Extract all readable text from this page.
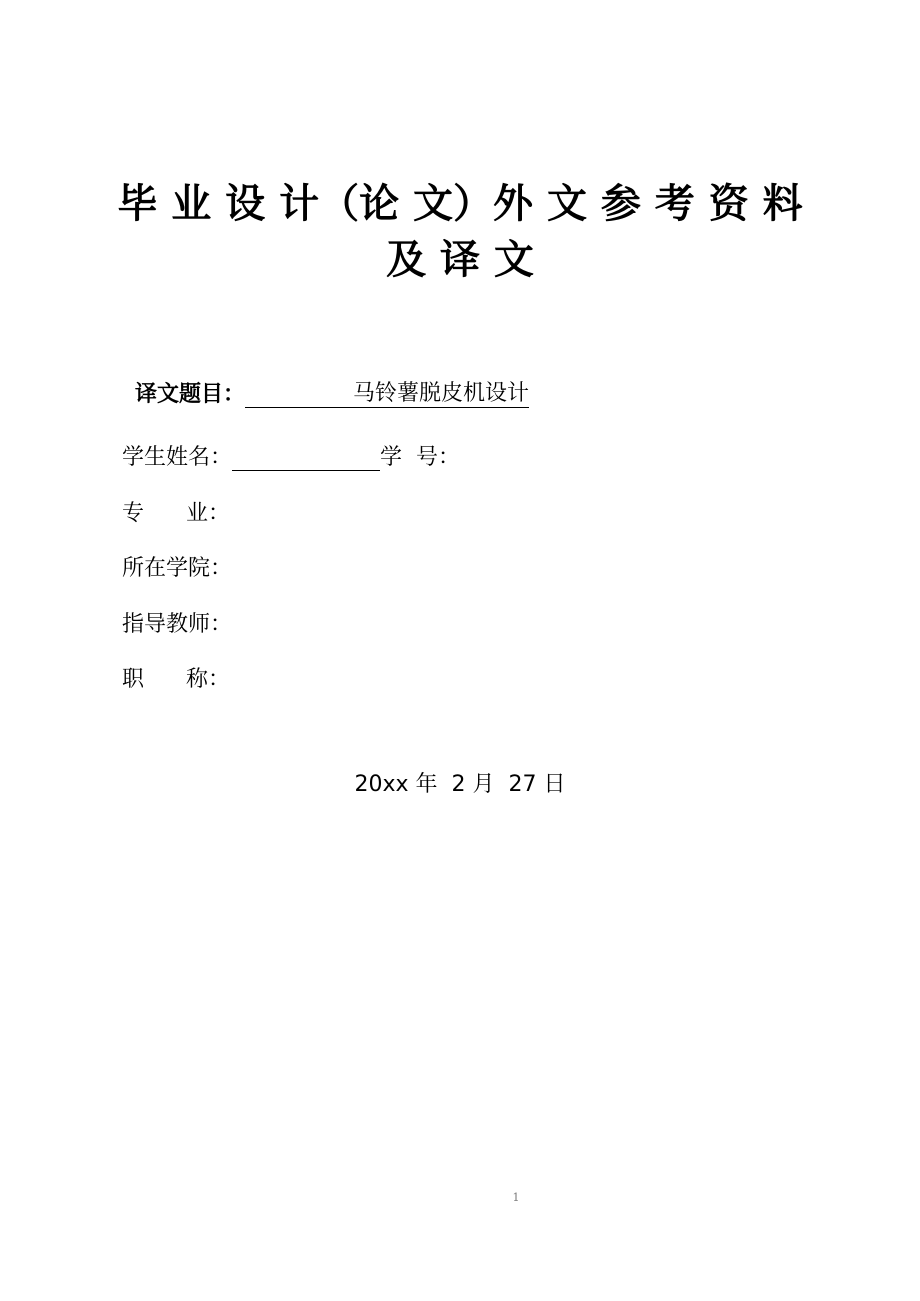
毕 业 设 计（论 文）外 文 参 考 资 料
及 译 文
译文题目：	马铃薯脱皮机设计
学生姓名：	学  号：
专      业：
所在学院：
指导教师：
职      称：
20xx 年  2 月  27 日
1
